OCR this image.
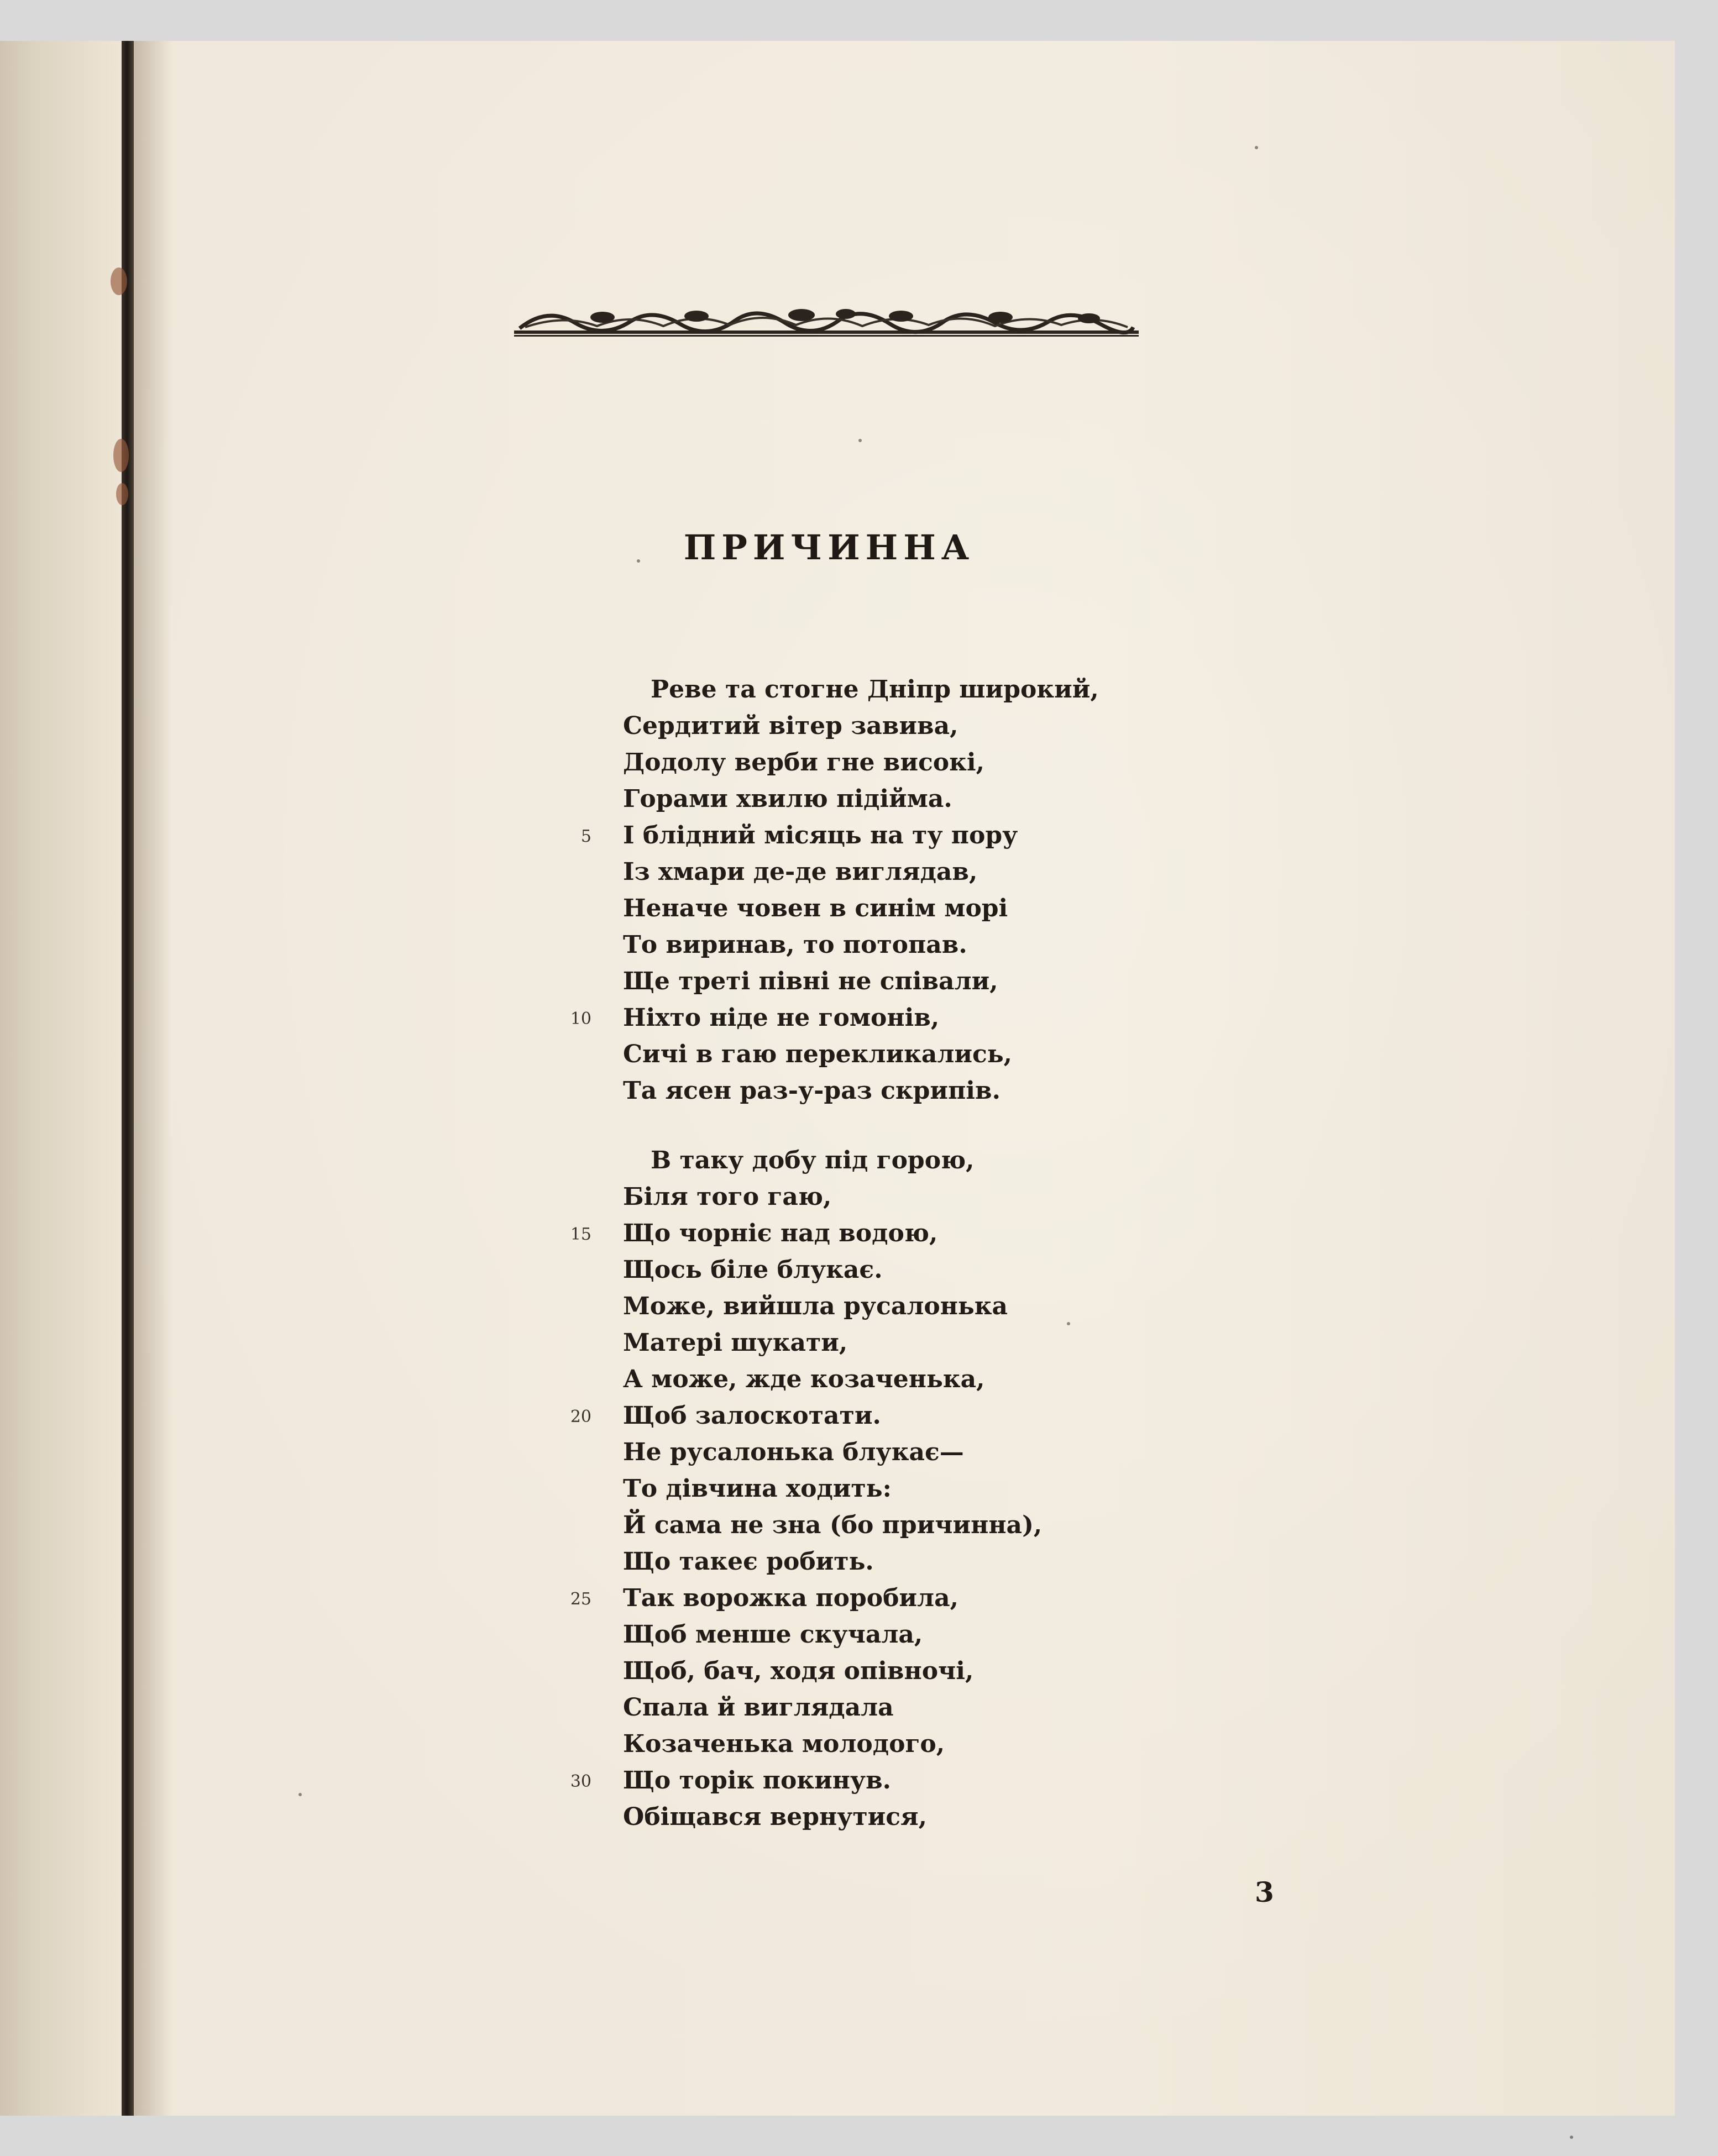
ПРИЧИННА
Реве та стогне Дніпр широкий,
Сердитий вітер завива,
Додолу верби гне високі,
Горами хвилю підійма.
І блідний місяць на ту пору
5
Із хмари де-де виглядав,
Неначе човен в синім морі
То виринав, то потопав.
Ще треті півні не співали,
Ніхто ніде не гомонів,
10
Сичі в гаю перекликались,
Та ясен раз-у-раз скрипів.
В таку добу під горою,
Біля того гаю,
Що чорніє над водою,
15
Щось біле блукає.
Може, вийшла русалонька
Матері шукати,
А може, жде козаченька,
Щоб залоскотати.
20
Не русалонька блукає—
То дівчина ходить:
Й сама не зна (бо причинна),
Що такеє робить.
Так ворожка поробила,
25
Щоб менше скучала,
Щоб, бач, ходя опівночі,
Спала й виглядала
Козаченька молодого,
Що торік покинув.
30
Обіщався вернутися,
3
